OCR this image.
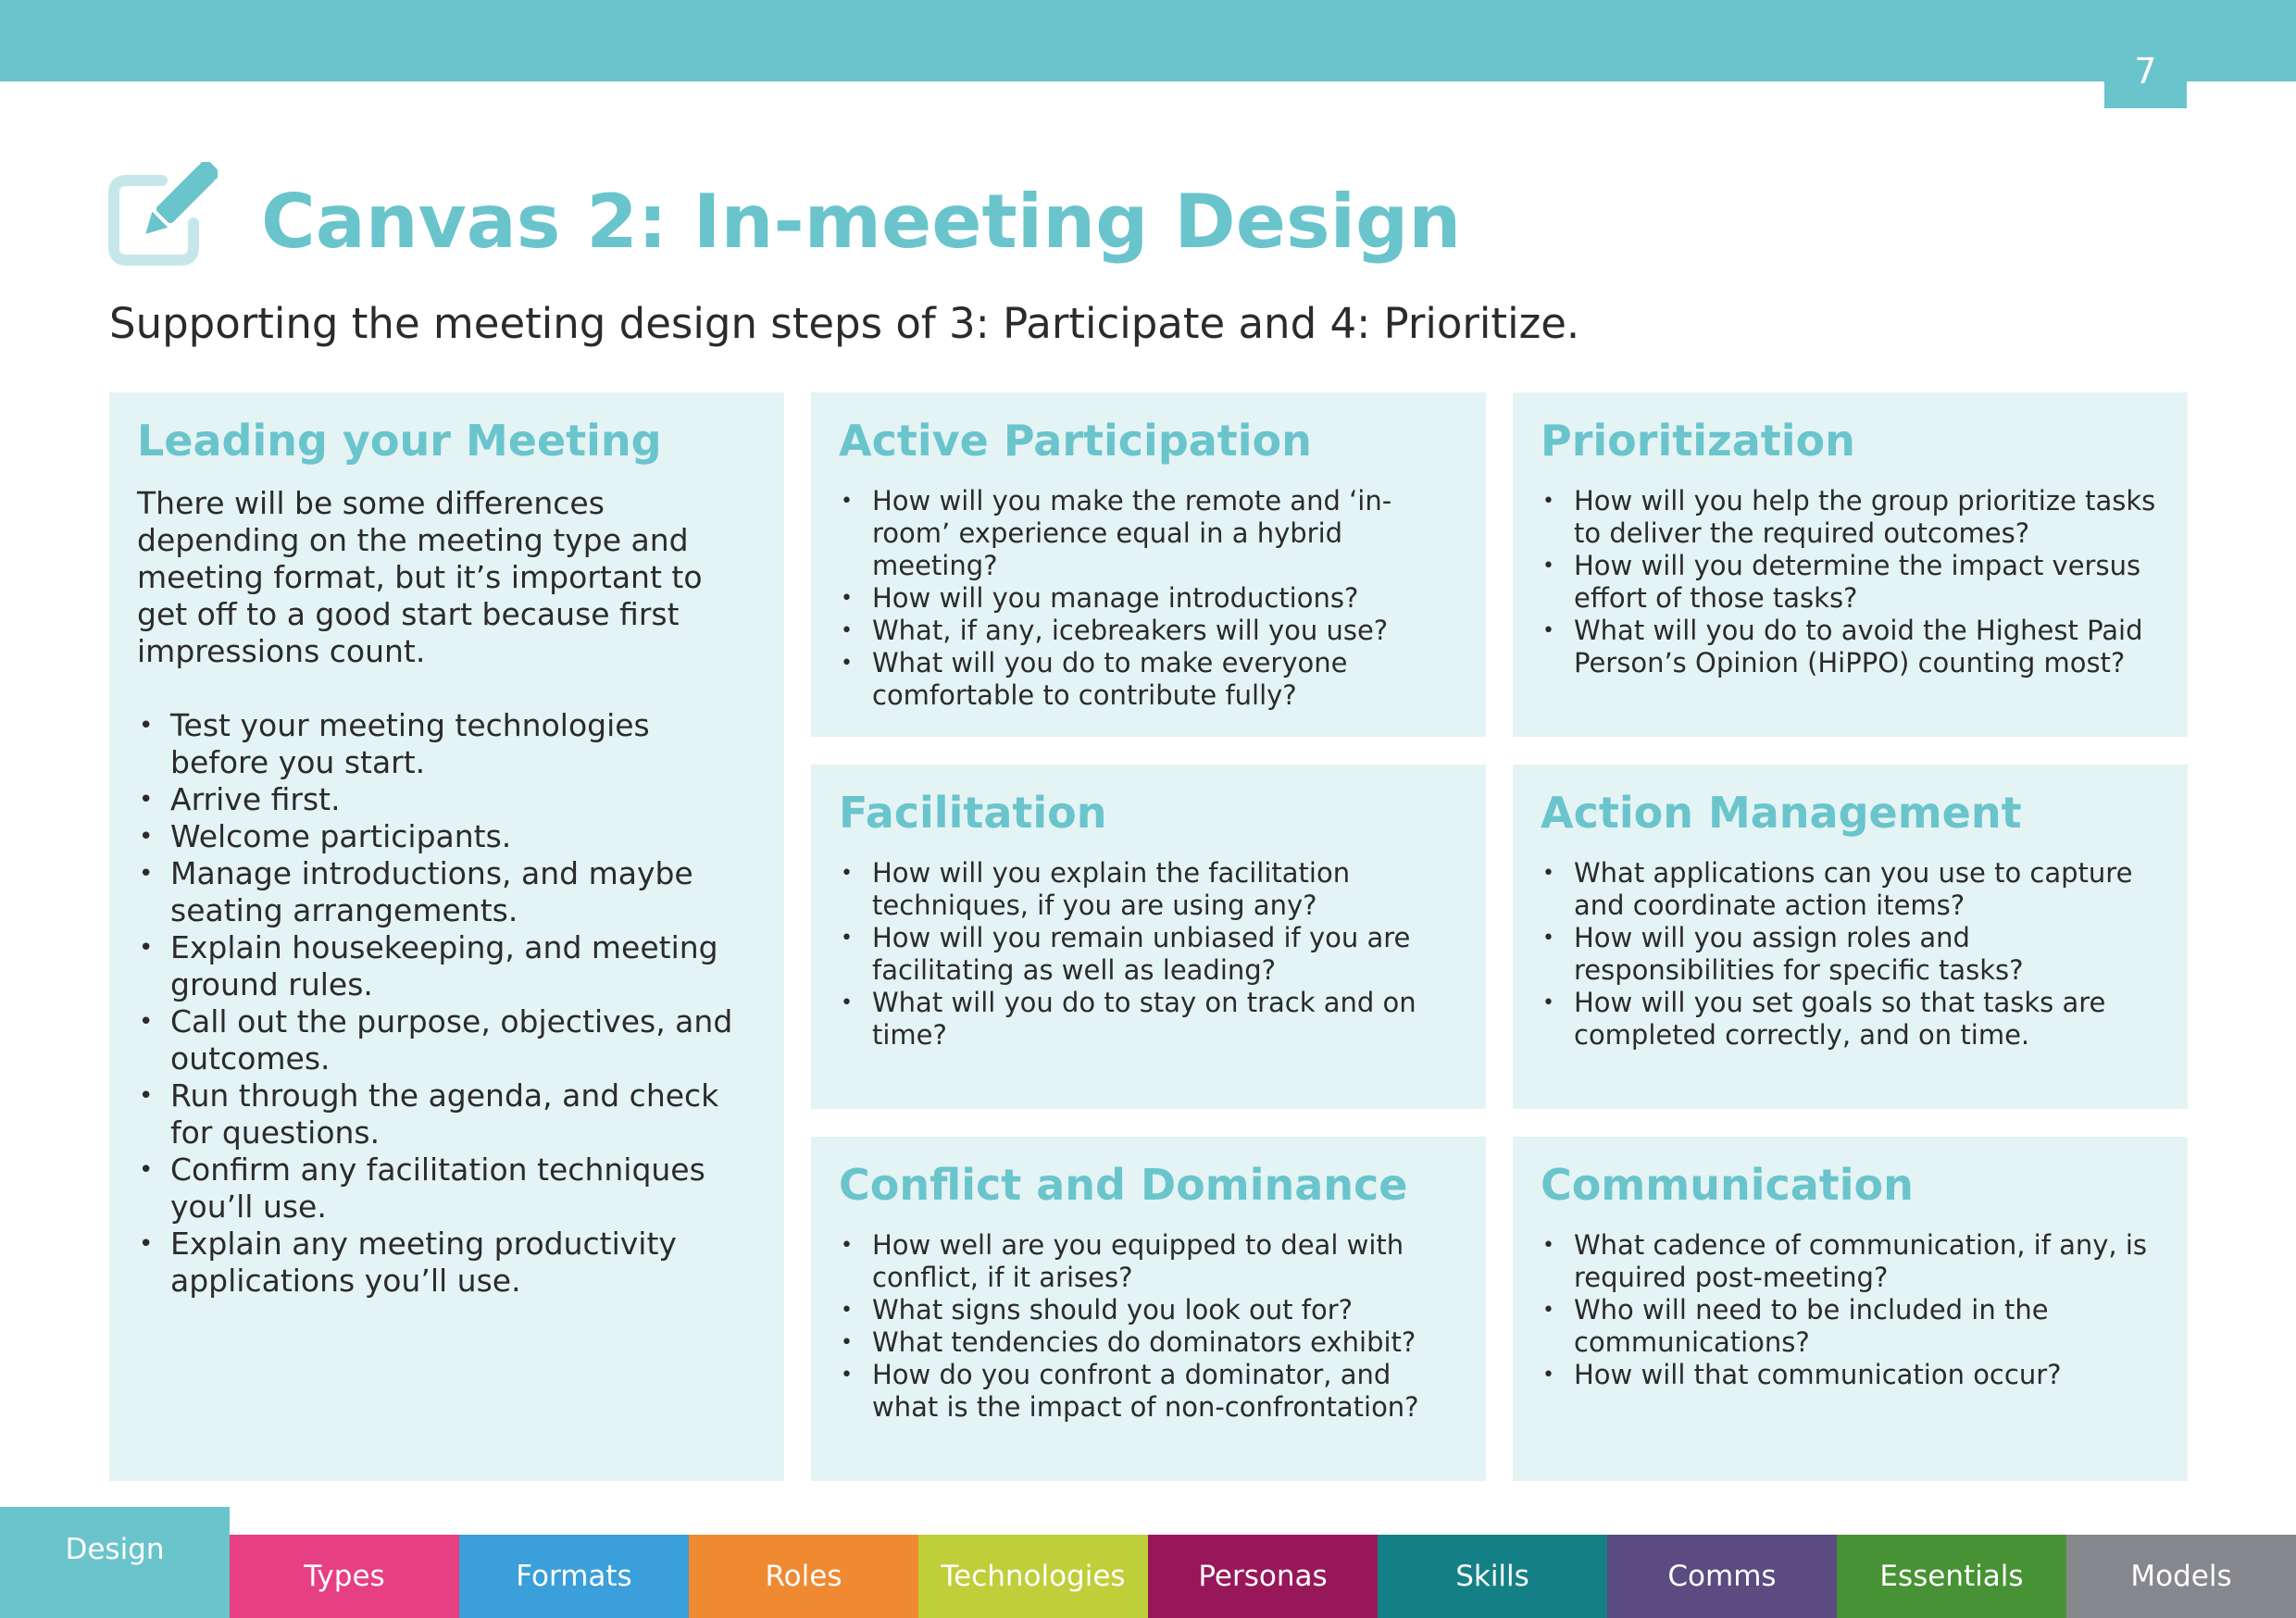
7
Canvas 2: In-meeting Design

Supporting the meeting design steps of 3: Participate and 4: Prioritize.

Leading your Meeting

There will be some differences depending on the meeting type and meeting format, but it’s important to get off to a good start because first impressions count.

• Test your meeting technologies before you start.
• Arrive first.
• Welcome participants.
• Manage introductions, and maybe seating arrangements.
• Explain housekeeping, and meeting ground rules.
• Call out the purpose, objectives, and outcomes.
• Run through the agenda, and check for questions.
• Confirm any facilitation techniques you’ll use.
• Explain any meeting productivity applications you’ll use.
Active Participation
• How will you make the remote and ‘in-room’ experience equal in a hybrid meeting?
• How will you manage introductions?
• What, if any, icebreakers will you use?
• What will you do to make everyone comfortable to contribute fully?
Prioritization
• How will you help the group prioritize tasks to deliver the required outcomes?
• How will you determine the impact versus effort of those tasks?
• What will you do to avoid the Highest Paid Person’s Opinion (HiPPO) counting most?
Facilitation
• How will you explain the facilitation techniques, if you are using any?
• How will you remain unbiased if you are facilitating as well as leading?
• What will you do to stay on track and on time?
Action Management
• What applications can you use to capture and coordinate action items?
• How will you assign roles and responsibilities for specific tasks?
• How will you set goals so that tasks are completed correctly, and on time.
Conflict and Dominance
• How well are you equipped to deal with conflict, if it arises?
• What signs should you look out for?
• What tendencies do dominators exhibit?
• How do you confront a dominator, and what is the impact of non-confrontation?
Communication
• What cadence of communication, if any, is required post-meeting?
• Who will need to be included in the communications?
• How will that communication occur?
Design
Types	Formats	Roles	Technologies	Personas	Skills	Comms	Essentials	Models
